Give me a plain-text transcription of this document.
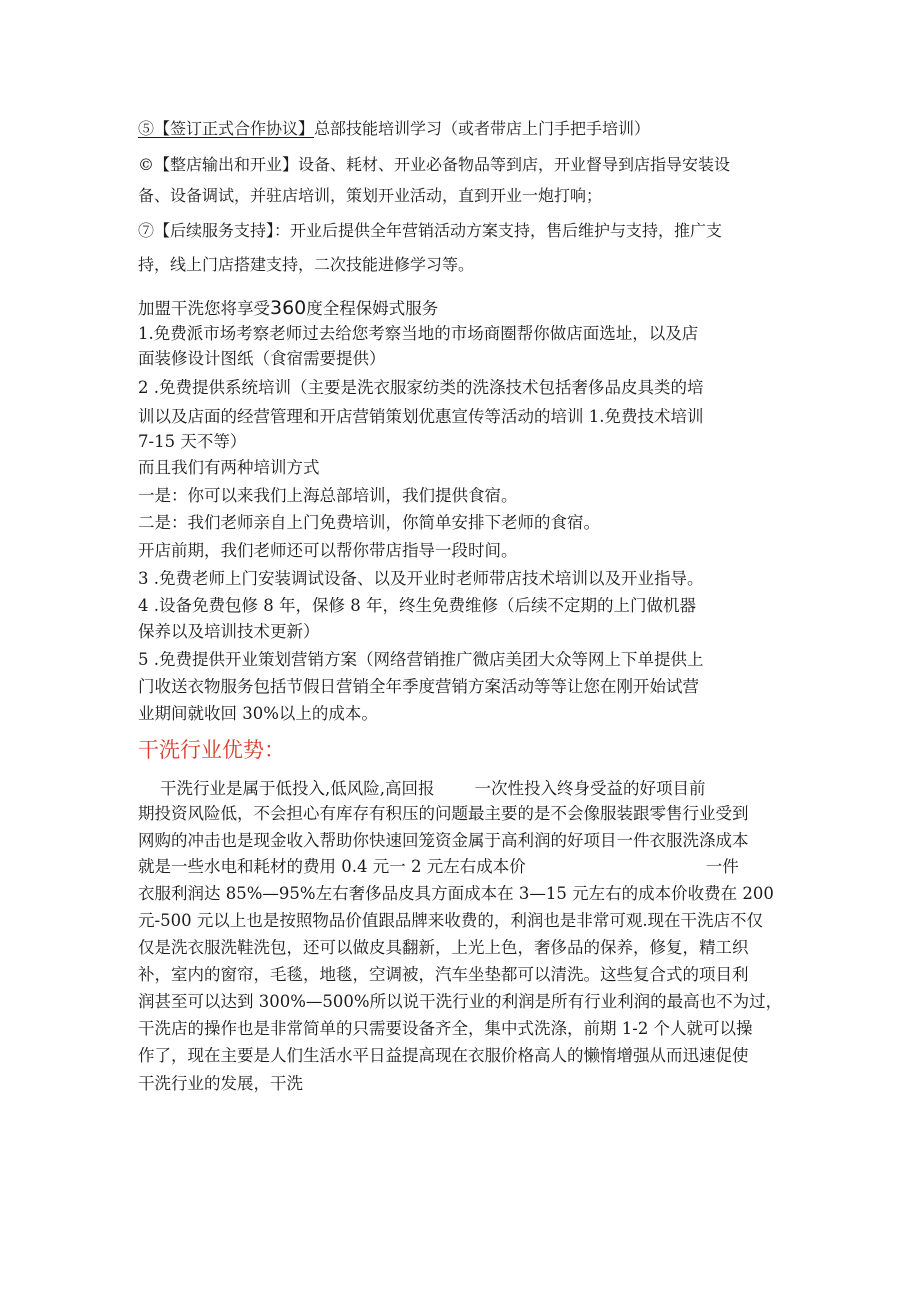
⑤【签订正式合作协议】总部技能培训学习（或者带店上门手把手培训）
©【整店输出和开业】设备、耗材、开业必备物品等到店，开业督导到店指导安装设
备、设备调试，并驻店培训，策划开业活动，直到开业一炮打响；
⑦【后续服务支持】：开业后提供全年营销活动方案支持，售后维护与支持，推广支
持，线上门店搭建支持，二次技能进修学习等。
加盟干洗您将享受360度全程保姆式服务
1.免费派市场考察老师过去给您考察当地的市场商圈帮你做店面选址，以及店
面装修设计图纸（食宿需要提供）
2 .免费提供系统培训（主要是洗衣服家纺类的洗涤技术包括奢侈品皮具类的培
训以及店面的经营管理和开店营销策划优惠宣传等活动的培训 1.免费技术培训
7-15 天不等）
而且我们有两种培训方式
一是：你可以来我们上海总部培训，我们提供食宿。
二是：我们老师亲自上门免费培训，你简单安排下老师的食宿。
开店前期，我们老师还可以帮你带店指导一段时间。
3 .免费老师上门安装调试设备、以及开业时老师带店技术培训以及开业指导。
4 .设备免费包修 8 年，保修 8 年，终生免费维修（后续不定期的上门做机器
保养以及培训技术更新）
5 .免费提供开业策划营销方案（网络营销推广微店美团大众等网上下单提供上
门收送衣物服务包括节假日营销全年季度营销方案活动等等让您在刚开始试营
业期间就收回 30%以上的成本。
干洗行业优势：
干洗行业是属于低投入,低风险,高回报 一次性投入终身受益的好项目前
期投资风险低，不会担心有库存有积压的问题最主要的是不会像服装跟零售行业受到
网购的冲击也是现金收入帮助你快速回笼资金属于高利润的好项目一件衣服洗涤成本
就是一些水电和耗材的费用 0.4 元一 2 元左右成本价	一件
衣服利润达 85%—95%左右奢侈品皮具方面成本在 3—15 元左右的成本价收费在 200
元-500 元以上也是按照物品价值跟品牌来收费的，利润也是非常可观.现在干洗店不仅
仅是洗衣服洗鞋洗包，还可以做皮具翻新，上光上色，奢侈品的保养，修复，精工织
补，室内的窗帘，毛毯，地毯，空调被，汽车坐垫都可以清洗。这些复合式的项目利
润甚至可以达到 300%—500%所以说干洗行业的利润是所有行业利润的最高也不为过，
干洗店的操作也是非常简单的只需要设备齐全，集中式洗涤，前期 1-2 个人就可以操
作了，现在主要是人们生活水平日益提高现在衣服价格高人的懒惰增强从而迅速促使
干洗行业的发展，干洗
